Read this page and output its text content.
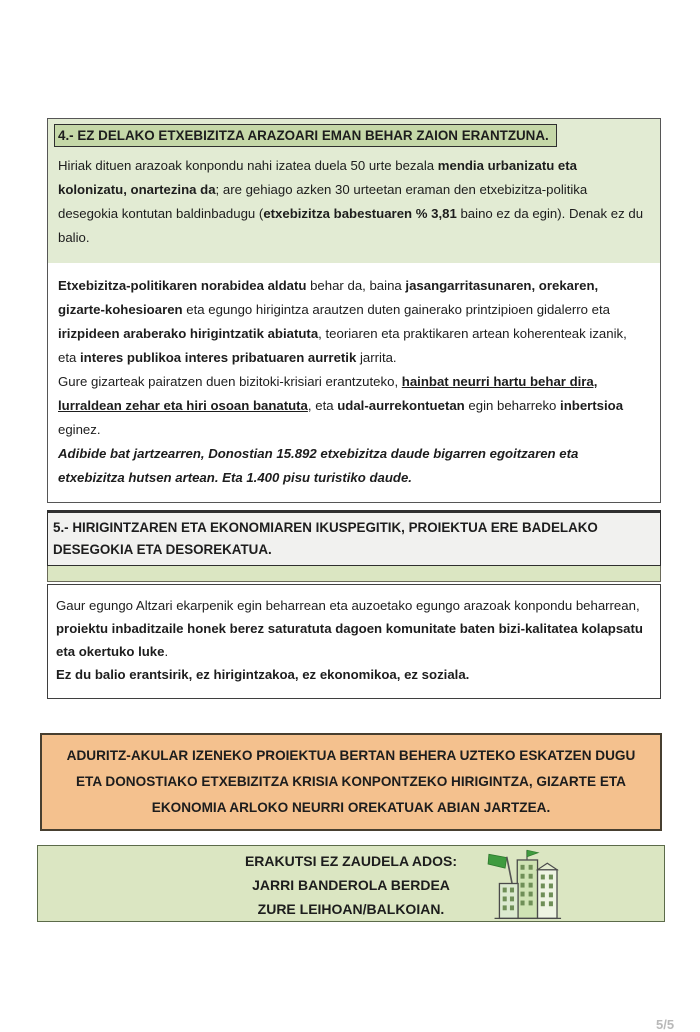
4.- EZ DELAKO ETXEBIZITZA ARAZOARI EMAN BEHAR ZAION ERANTZUNA.

Hiriak dituen arazoak konpondu nahi izatea duela 50 urte bezala mendia urbanizatu eta kolonizatu, onartezina da; are gehiago azken 30 urteetan eraman den etxebizitza-politika desegokia kontutan baldinbadugu (etxebizitza babestuaren % 3,81 baino ez da egin). Denak ez du balio.

Etxebizitza-politikaren norabidea aldatu behar da, baina jasangarritasunaren, orekaren, gizarte-kohesioaren eta egungo hirigintza arautzen duten gainerako printzipioen gidalerro eta irizpideen araberako hirigintzatik abiatuta, teoriaren eta praktikaren artean koherenteak izanik, eta interes publikoa interes pribatuaren aurretik jarrita.

Gure gizarteak pairatzen duen bizitoki-krisiari erantzuteko, hainbat neurri hartu behar dira, lurraldean zehar eta hiri osoan banatuta, eta udal-aurrekontuetan egin beharreko inbertsioa eginez.

Adibide bat jartzearren, Donostian 15.892 etxebizitza daude bigarren egoitzaren eta etxebizitza hutsen artean. Eta 1.400 pisu turistiko daude.

5.- HIRIGINTZAREN ETA EKONOMIAREN IKUSPEGITIK, PROIEKTUA ERE BADELAKO DESEGOKIA ETA DESOREKATUA.

Gaur egungo Altzari ekarpenik egin beharrean eta auzoetako egungo arazoak konpondu beharrean, proiektu inbaditzaile honek berez saturatuta dagoen komunitate baten bizi-kalitatea kolapsatu eta okertuko luke.

Ez du balio erantsirik, ez hirigintzakoa, ez ekonomikoa, ez soziala.

ADURITZ-AKULAR IZENEKO PROIEKTUA BERTAN BEHERA UZTEKO ESKATZEN DUGU
ETA DONOSTIAKO ETXEBIZITZA KRISIA KONPONTZEKO HIRIGINTZA, GIZARTE ETA
EKONOMIA ARLOKO NEURRI OREKATUAK ABIAN JARTZEA.
ERAKUTSI EZ ZAUDELA ADOS:
JARRI BANDEROLA BERDEA
ZURE LEIHOAN/BALKOIAN.
5/5
